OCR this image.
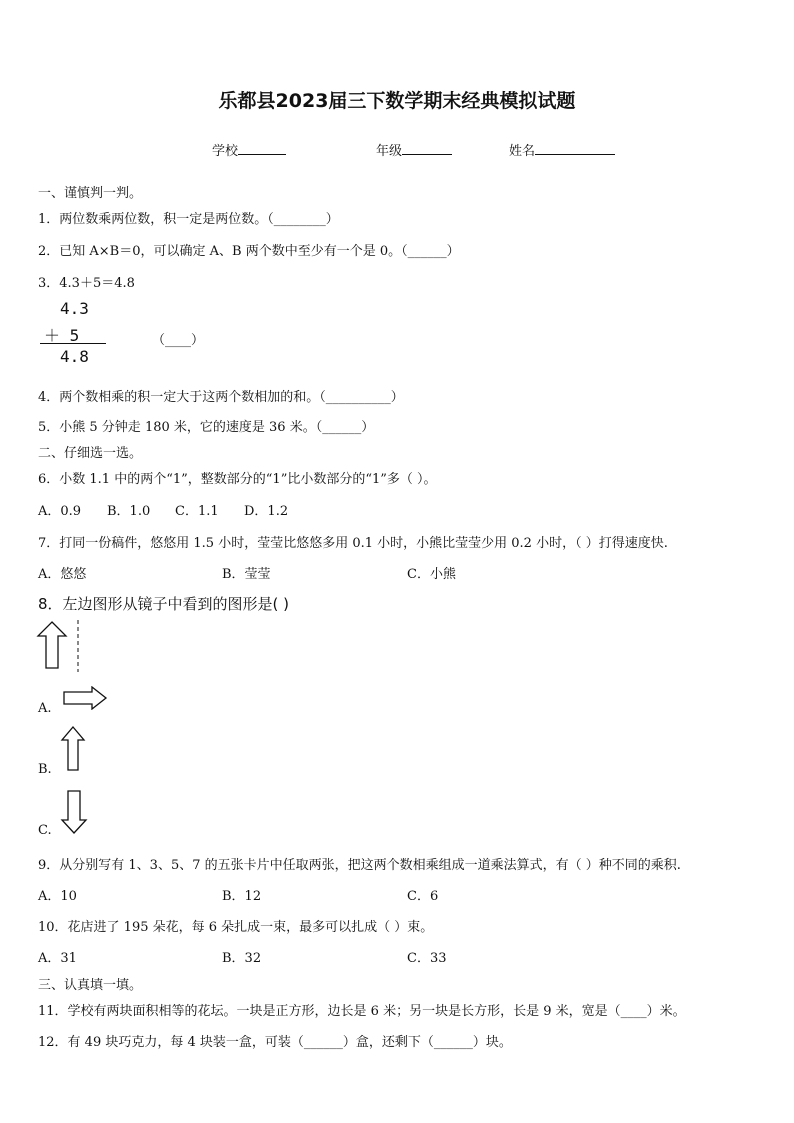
乐都县2023届三下数学期末经典模拟试题
学校	年级	姓名
一、谨慎判一判。
1．两位数乘两位数，积一定是两位数。（________）
2．已知 A×B＝0，可以确定 A、B 两个数中至少有一个是 0。（______）
3．4.3＋5＝4.8
4.3
＋ 5
4.8
（____）
4．两个数相乘的积一定大于这两个数相加的和。（__________）
5．小熊 5 分钟走 180 米，它的速度是 36 米。（______）
二、仔细选一选。
6．小数 1.1 中的两个“1”，整数部分的“1”比小数部分的“1”多（ ）。
A．0.9 B．1.0 C．1.1 D．1.2
7．打同一份稿件，悠悠用 1.5 小时，莹莹比悠悠多用 0.1 小时，小熊比莹莹少用 0.2 小时，（ ）打得速度快.
A．悠悠	B．莹莹	C．小熊
8．左边图形从镜子中看到的图形是( )
A.
B.
C.
9．从分别写有 1、3、5、7 的五张卡片中任取两张，把这两个数相乘组成一道乘法算式，有（ ）种不同的乘积.
A．10	B．12	C．6
10．花店进了 195 朵花，每 6 朵扎成一束，最多可以扎成（ ）束。
A．31	B．32	C．33
三、认真填一填。
11．学校有两块面积相等的花坛。一块是正方形，边长是 6 米；另一块是长方形，长是 9 米，宽是（____）米。
12．有 49 块巧克力，每 4 块装一盒，可装（______）盒，还剩下（______）块。
